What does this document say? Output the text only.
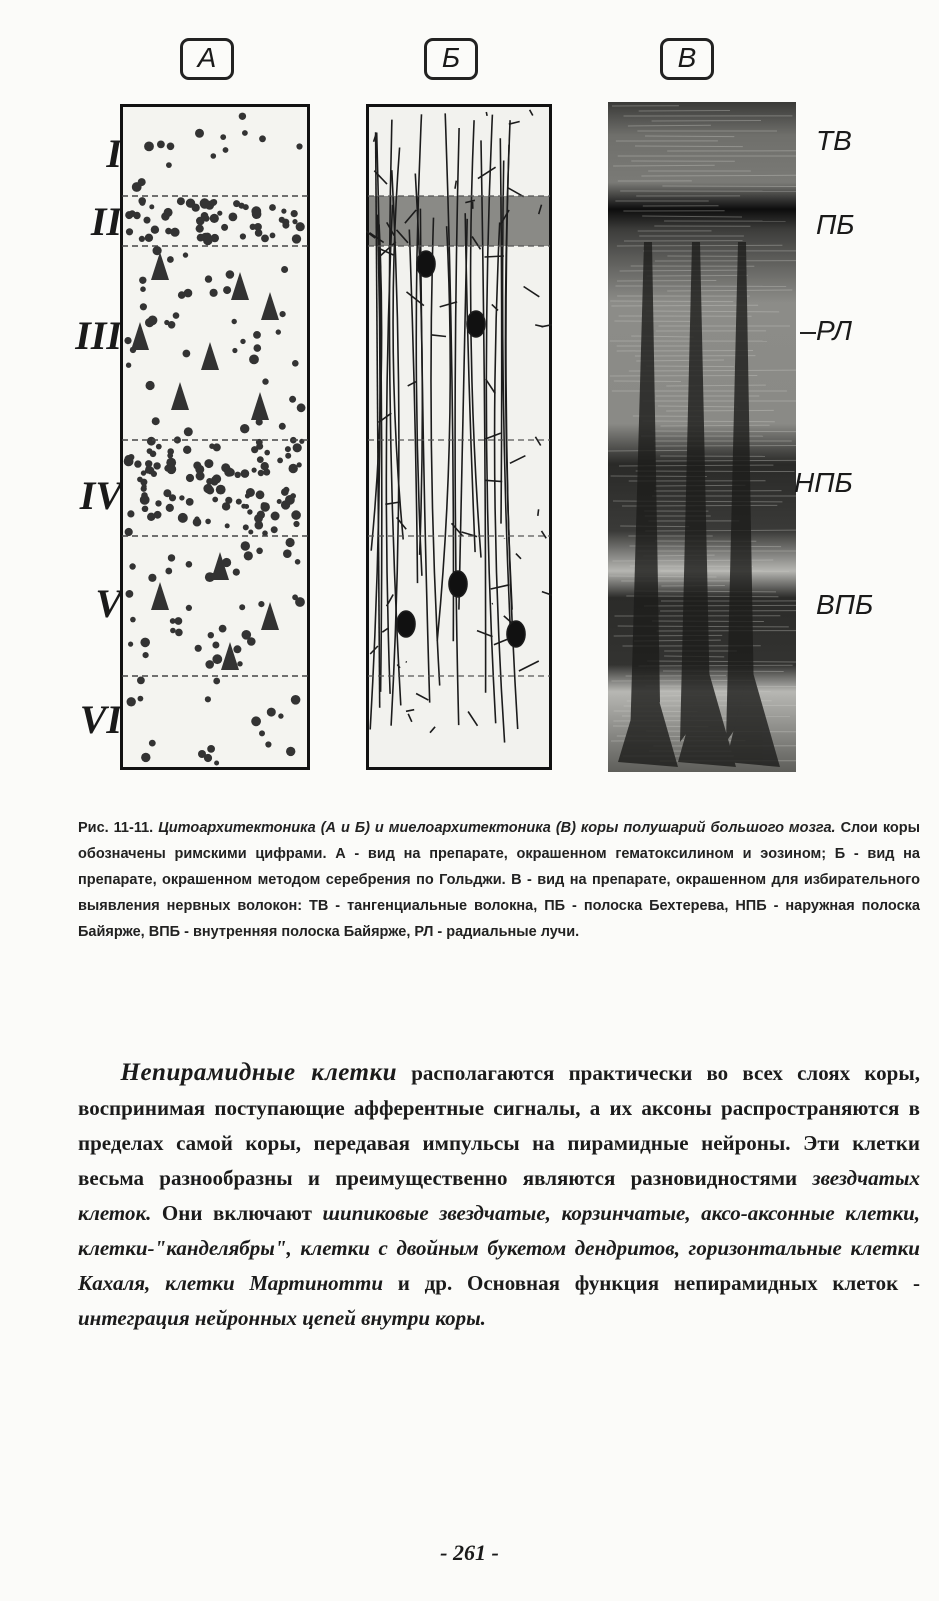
А	Б	В
I
II
III
IV
V
VI
ТВ
ПБ
РЛ
НПБ
ВПБ
Рис. 11-11. Цитоархитектоника (А и Б) и миелоархитектоника (В) коры полушарий большого мозга. Слои коры обозначены римскими цифрами. А - вид на препарате, окрашенном гематоксилином и эозином; Б - вид на препарате, окрашенном методом серебрения по Гольджи. В - вид на препарате, окрашенном для избирательного выявления нервных волокон: ТВ - тангенциальные волокна, ПБ - полоска Бехтерева, НПБ - наружная полоска Байярже, ВПБ - внутренняя полоска Байярже, РЛ - радиальные лучи.
Непирамидные клетки располагаются практически во всех слоях коры, воспринимая поступающие афферентные сигналы, а их аксоны распространяются в пределах самой коры, передавая импульсы на пирамидные нейроны. Эти клетки весьма разнообразны и преимущественно являются разновидностями звездчатых клеток. Они включают шипиковые звездчатые, корзинчатые, аксо-аксонные клетки, клетки-"канделябры", клетки с двойным букетом дендритов, горизонтальные клетки Кахаля, клетки Мартинотти и др. Основная функция непирамидных клеток - интеграция нейронных цепей внутри коры.
- 261 -
